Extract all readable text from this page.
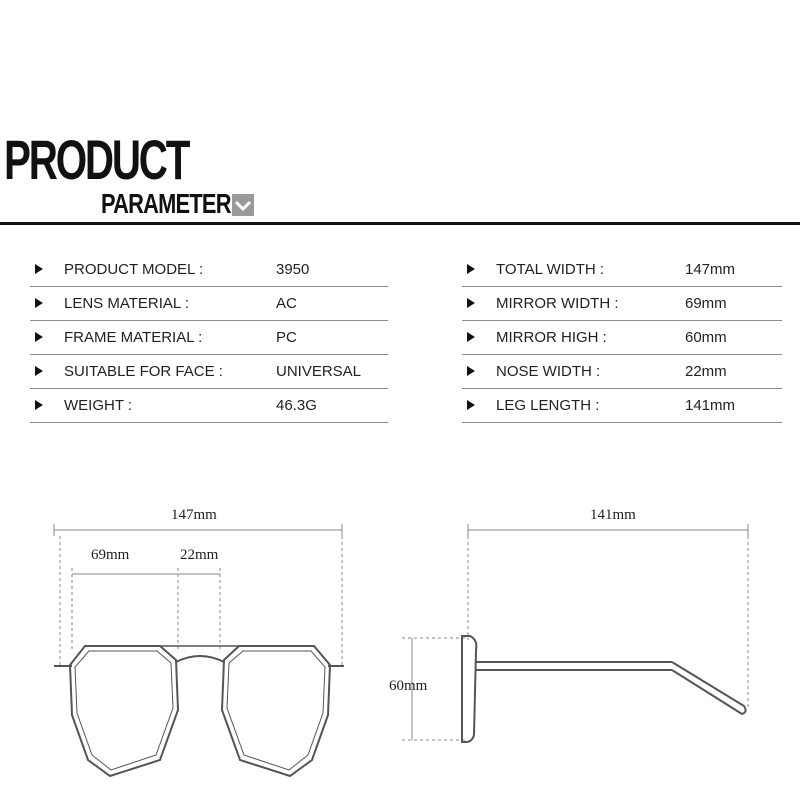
PRODUCT
PARAMETER
PRODUCT MODEL :	3950
LENS MATERIAL :	AC
FRAME MATERIAL :	PC
SUITABLE FOR FACE :	UNIVERSAL
WEIGHT :	46.3G
TOTAL WIDTH :	147mm
MIRROR WIDTH :	69mm
MIRROR HIGH :	60mm
NOSE WIDTH :	22mm
LEG LENGTH :	141mm
147mm
69mm	22mm
141mm
60mm
